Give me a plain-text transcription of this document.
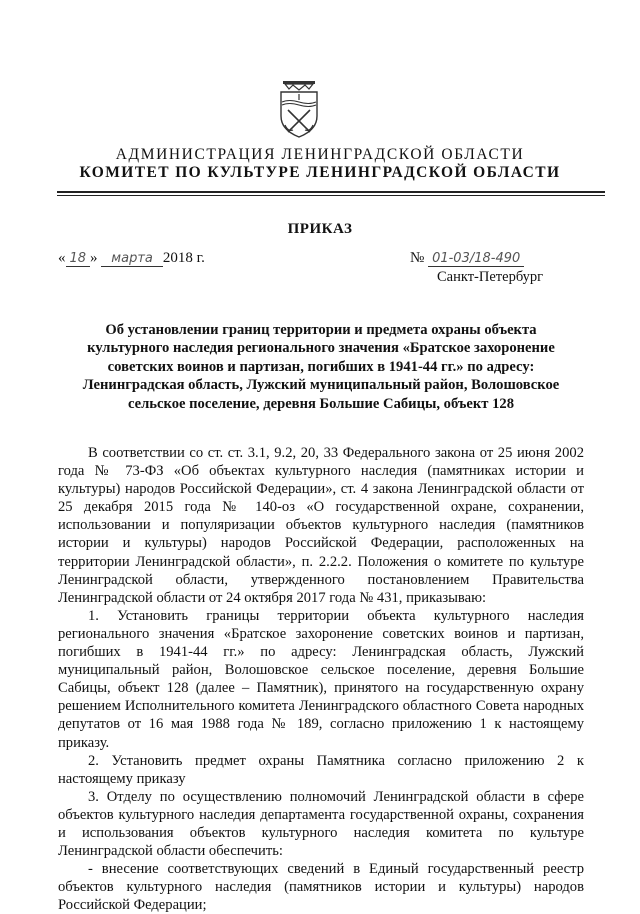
АДМИНИСТРАЦИЯ ЛЕНИНГРАДСКОЙ ОБЛАСТИ
КОМИТЕТ ПО КУЛЬТУРЕ ЛЕНИНГРАДСКОЙ ОБЛАСТИ
ПРИКАЗ
« 18 » марта 2018 г.	№ 01-03/18-490
Санкт-Петербург

Об установлении границ территории и предмета охраны объекта культурного наследия регионального значения «Братское захоронение советских воинов и партизан, погибших в 1941-44 гг.» по адресу: Ленинградская область, Лужский муниципальный район, Волошовское сельское поселение, деревня Большие Сабицы, объект 128

В соответствии со ст. ст. 3.1, 9.2, 20, 33 Федерального закона от 25 июня 2002 года № 73-ФЗ «Об объектах культурного наследия (памятниках истории и культуры) народов Российской Федерации», ст. 4 закона Ленинградской области от 25 декабря 2015 года № 140-оз «О государственной охране, сохранении, использовании и популяризации объектов культурного наследия (памятников истории и культуры) народов Российской Федерации, расположенных на территории Ленинградской области», п. 2.2.2. Положения о комитете по культуре Ленинградской области, утвержденного постановлением Правительства Ленинградской области от 24 октября 2017 года № 431, приказываю:

1. Установить границы территории объекта культурного наследия регионального значения «Братское захоронение советских воинов и партизан, погибших в 1941-44 гг.» по адресу: Ленинградская область, Лужский муниципальный район, Волошовское сельское поселение, деревня Большие Сабицы, объект 128 (далее – Памятник), принятого на государственную охрану решением Исполнительного комитета Ленинградского областного Совета народных депутатов от 16 мая 1988 года № 189, согласно приложению 1 к настоящему приказу.

2. Установить предмет охраны Памятника согласно приложению 2 к настоящему приказу

3. Отделу по осуществлению полномочий Ленинградской области в сфере объектов культурного наследия департамента государственной охраны, сохранения и использования объектов культурного наследия комитета по культуре Ленинградской области обеспечить:

- внесение соответствующих сведений в Единый государственный реестр объектов культурного наследия (памятников истории и культуры) народов Российской Федерации;
